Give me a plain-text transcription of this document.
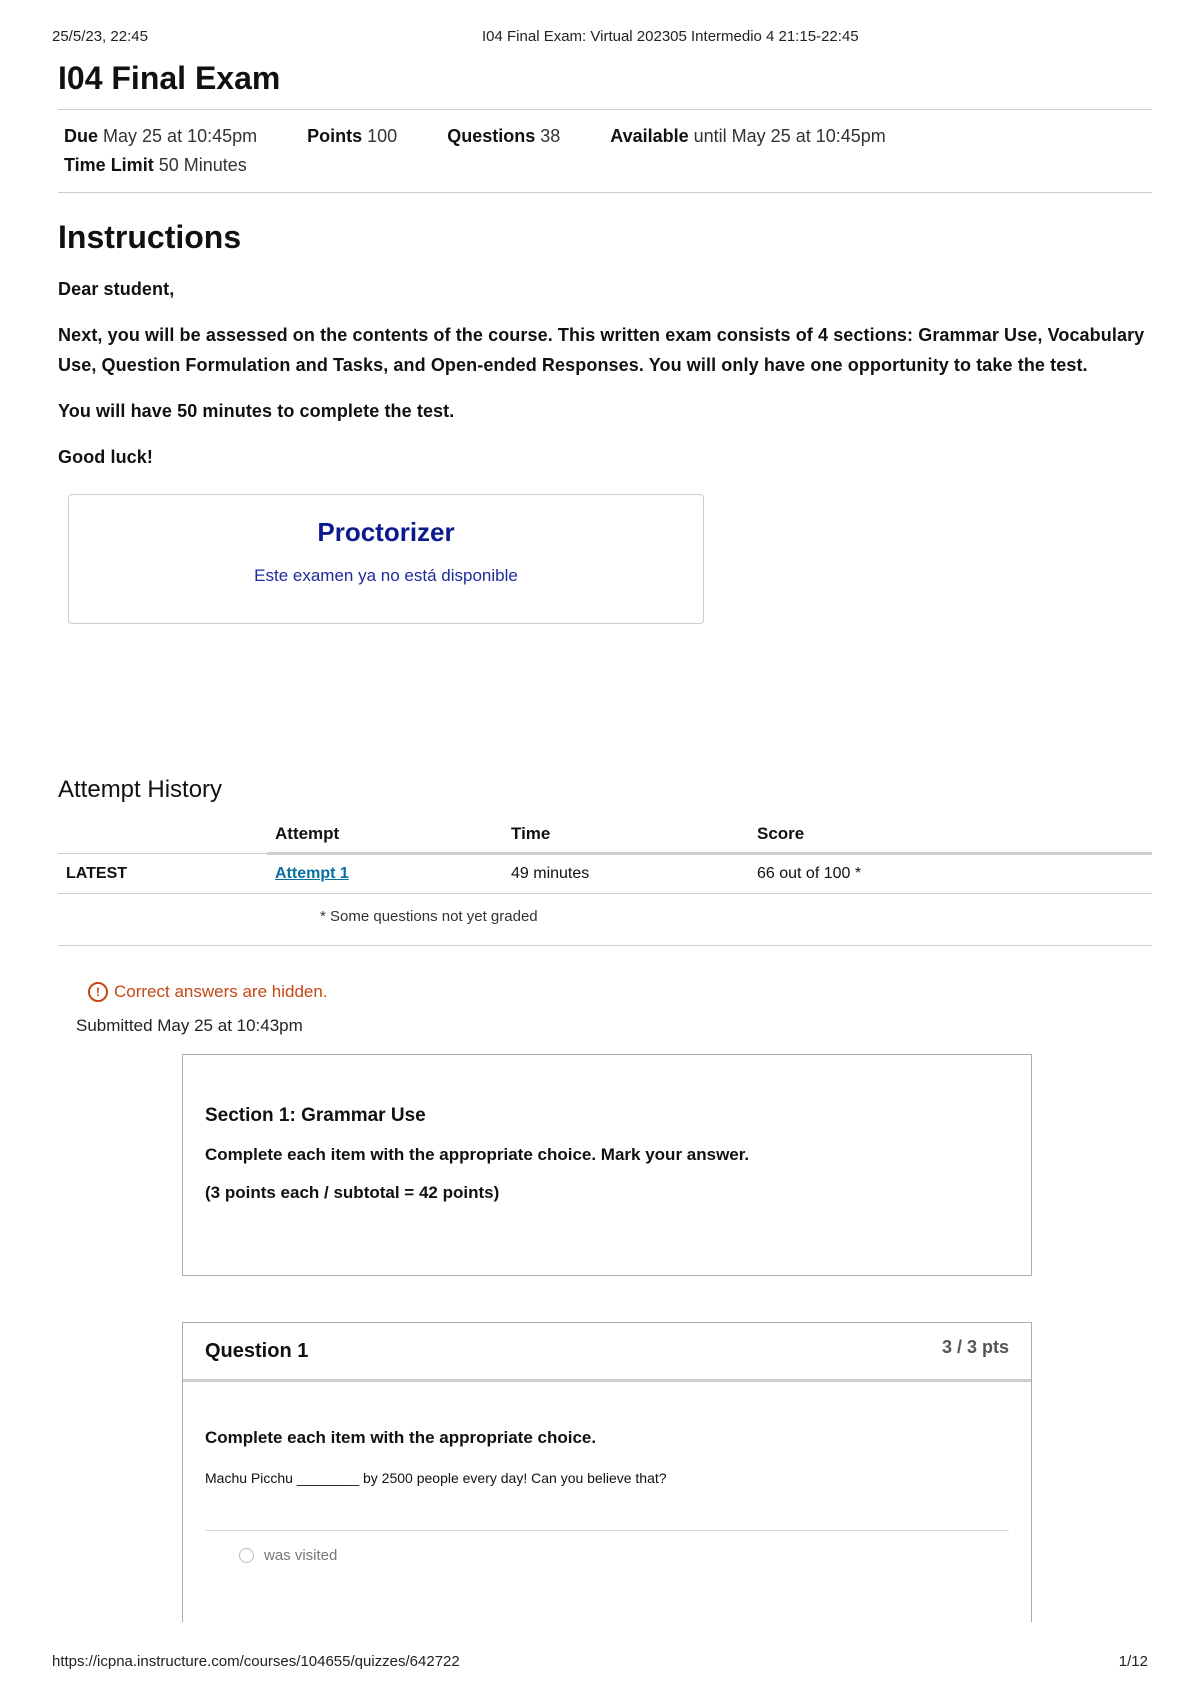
25/5/23, 22:45	I04 Final Exam: Virtual 202305 Intermedio 4 21:15-22:45
I04 Final Exam
Due May 25 at 10:45pm	Points 100	Questions 38	Available until May 25 at 10:45pm
Time Limit 50 Minutes
Instructions

Dear student,

Next, you will be assessed on the contents of the course. This written exam consists of 4 sections: Grammar Use, Vocabulary Use, Question Formulation and Tasks, and Open-ended Responses. You will only have one opportunity to take the test.

You will have 50 minutes to complete the test.

Good luck!

Proctorizer
Este examen ya no está disponible
Attempt History
	Attempt	Time	Score
LATEST	Attempt 1	49 minutes	66 out of 100 *
* Some questions not yet graded
! Correct answers are hidden.
Submitted May 25 at 10:43pm
Section 1: Grammar Use

Complete each item with the appropriate choice. Mark your answer.

(3 points each / subtotal = 42 points)

Question 1	3 / 3 pts
Complete each item with the appropriate choice.
Machu Picchu ________ by 2500 people every day! Can you believe that?
was visited
https://icpna.instructure.com/courses/104655/quizzes/642722	1/12
